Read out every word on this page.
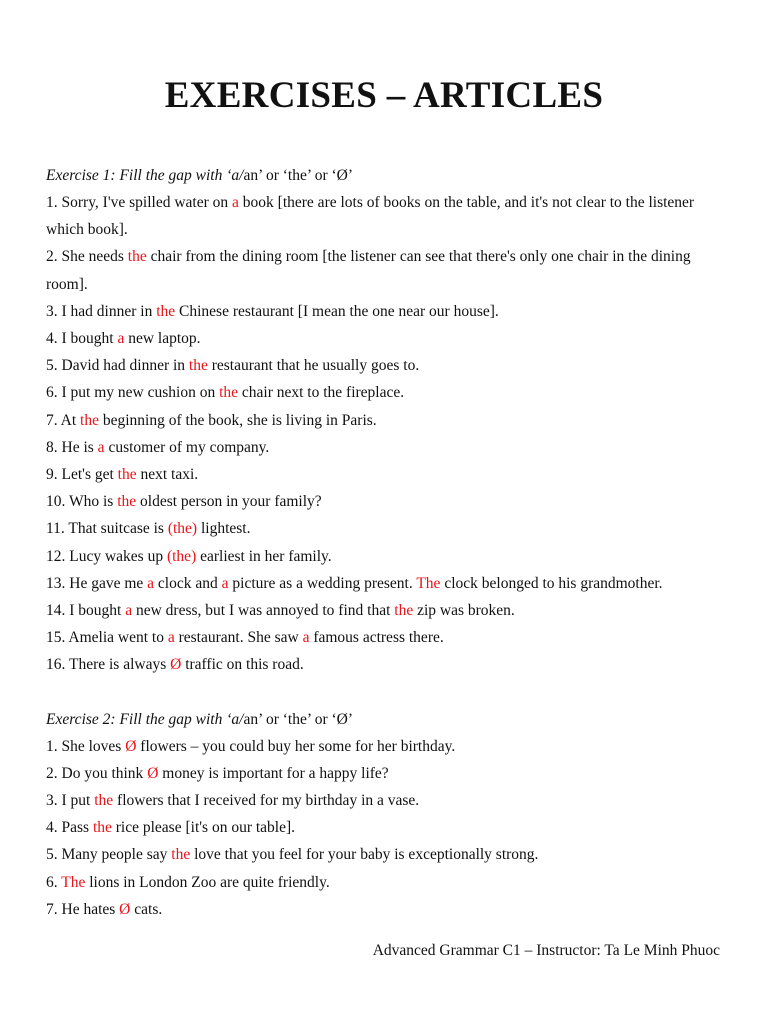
EXERCISES – ARTICLES
Exercise 1: Fill the gap with ‘a/an’ or ‘the’ or ‘Ø’
1. Sorry, I've spilled water on a book [there are lots of books on the table, and it's not clear to the listener which book].
2. She needs the chair from the dining room [the listener can see that there's only one chair in the dining room].
3. I had dinner in the Chinese restaurant [I mean the one near our house].
4. I bought a new laptop.
5. David had dinner in the restaurant that he usually goes to.
6. I put my new cushion on the chair next to the fireplace.
7. At the beginning of the book, she is living in Paris.
8. He is a customer of my company.
9. Let's get the next taxi.
10. Who is the oldest person in your family?
11. That suitcase is (the) lightest.
12. Lucy wakes up (the) earliest in her family.
13. He gave me a clock and a picture as a wedding present. The clock belonged to his grandmother.
14. I bought a new dress, but I was annoyed to find that the zip was broken.
15. Amelia went to a restaurant. She saw a famous actress there.
16. There is always Ø traffic on this road.
Exercise 2: Fill the gap with ‘a/an’ or ‘the’ or ‘Ø’
1. She loves Ø flowers – you could buy her some for her birthday.
2. Do you think Ø money is important for a happy life?
3. I put the flowers that I received for my birthday in a vase.
4. Pass the rice please [it's on our table].
5. Many people say the love that you feel for your baby is exceptionally strong.
6. The lions in London Zoo are quite friendly.
7. He hates Ø cats.
Advanced Grammar C1 – Instructor: Ta Le Minh Phuoc
